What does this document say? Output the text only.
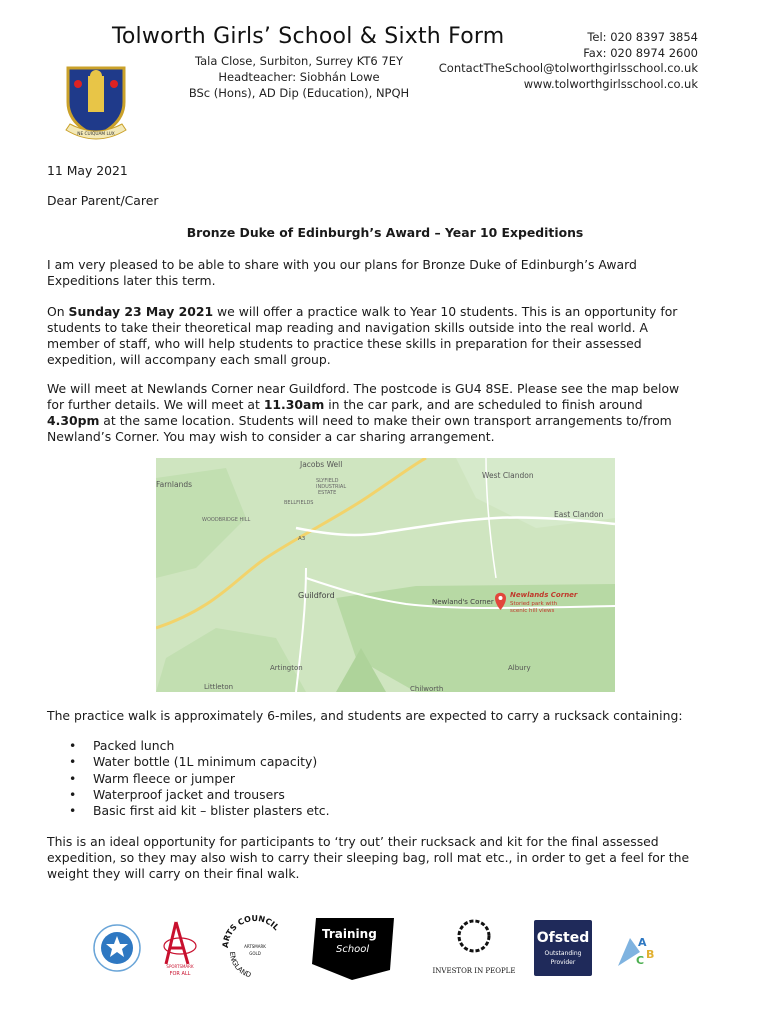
Tolworth Girls’ School & Sixth Form
Tala Close, Surbiton, Surrey KT6 7EY
Headteacher: Siobhán Lowe
BSc (Hons), AD Dip (Education), NPQH
Tel: 020 8397 3854
Fax: 020 8974 2600
ContactTheSchool@tolworthgirlsschool.co.uk
www.tolworthgirlsschool.co.uk
NE CUIQUAM LUX
11 May 2021
Dear Parent/Carer
Bronze Duke of Edinburgh’s Award – Year 10 Expeditions
I am very pleased to be able to share with you our plans for Bronze Duke of Edinburgh’s Award
Expeditions later this term.
On Sunday 23 May 2021 we will offer a practice walk to Year 10 students. This is an opportunity for
students to take their theoretical map reading and navigation skills outside into the real world. A
member of staff, who will help students to practice these skills in preparation for their assessed
expedition, will accompany each small group.
We will meet at Newlands Corner near Guildford. The postcode is GU4 8SE. Please see the map below
for further details. We will meet at 11.30am in the car park, and are scheduled to finish around
4.30pm at the same location. Students will need to make their own transport arrangements to/from
Newland’s Corner. You may wish to consider a car sharing arrangement.
Jacobs Well
SLYFIELD
INDUSTRIAL
ESTATE
Farnlands
BELLFIELDS
WOODBRIDGE HILL
West Clandon
East Clandon
A3
Guildford
Newland's Corner
Newlands Corner
Storied park with
scenic hill views
Artington
Littleton
Albury
Chilworth
The practice walk is approximately 6-miles, and students are expected to carry a rucksack containing:
• Packed lunch
• Water bottle (1L minimum capacity)
• Warm fleece or jumper
• Waterproof jacket and trousers
• Basic first aid kit – blister plasters etc.
This is an ideal opportunity for participants to ‘try out’ their rucksack and kit for the final assessed
expedition, so they may also wish to carry their sleeping bag, roll mat etc., in order to get a feel for the
weight they will carry on their final walk.
SPORTSMARK
FOR ALL
ARTS COUNCIL
ENGLAND
ARTSMARK
GOLD
Training
School
INVESTOR IN PEOPLE
Ofsted
Outstanding
Provider
A
B
C
